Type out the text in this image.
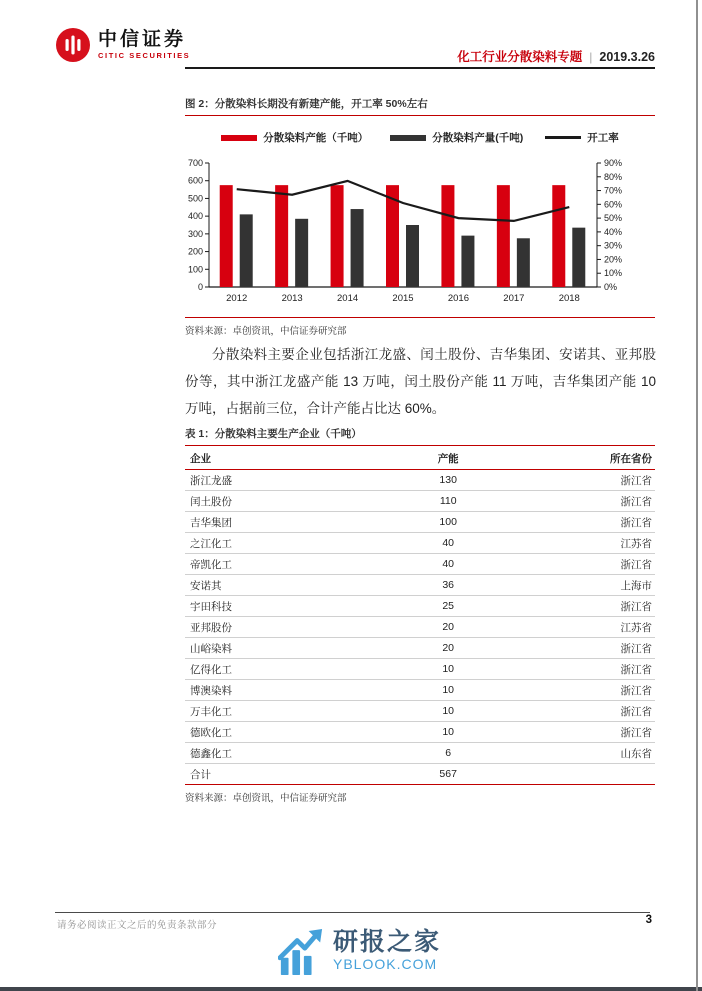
中信证券
CITIC SECURITIES	化工行业分散染料专题 | 2019.3.26
图 2：分散染料长期没有新建产能，开工率 50%左右
分散染料产能（千吨）	分散染料产量(千吨)	开工率
0
100
200
300
400
500
600
700
0%
10%
20%
30%
40%
50%
60%
70%
80%
90%
2012	2013	2014	2015	2016	2017	2018
资料来源：卓创资讯，中信证券研究部

分散染料主要企业包括浙江龙盛、闰土股份、吉华集团、安诺其、亚邦股份等，其中浙江龙盛产能 13 万吨，闰土股份产能 11 万吨，吉华集团产能 10 万吨，占据前三位，合计产能占比达 60%。

表 1：分散染料主要生产企业（千吨）
企业	产能	所在省份
浙江龙盛	130	浙江省
闰土股份	110	浙江省
吉华集团	100	浙江省
之江化工	40	江苏省
帝凯化工	40	浙江省
安诺其	36	上海市
宇田科技	25	浙江省
亚邦股份	20	江苏省
山峪染料	20	浙江省
亿得化工	10	浙江省
博澳染料	10	浙江省
万丰化工	10	浙江省
德欧化工	10	浙江省
德鑫化工	6	山东省
合计	567	
资料来源：卓创资讯，中信证券研究部
请务必阅读正文之后的免责条款部分	3
研报之家
YBLOOK.COM
